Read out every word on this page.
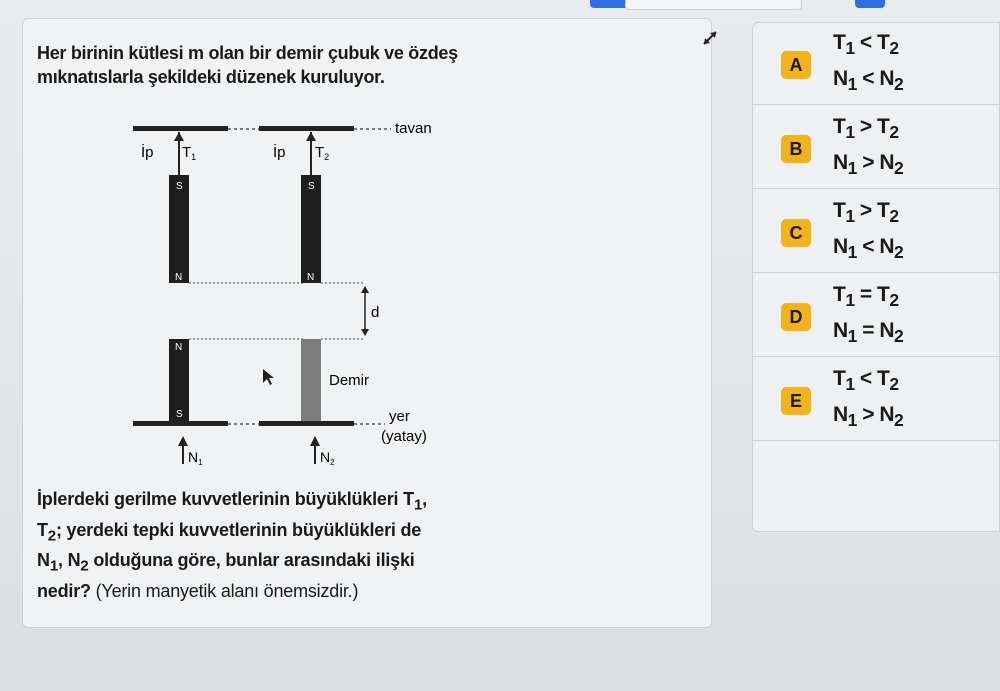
Her birinin kütlesi m olan bir demir çubuk ve özdeş
mıknatıslarla şekildeki düzenek kuruluyor.
tavan
İp $T_1$
S
N
N
S
d
İp $T_2$
S
N
Demir
yer
(yatay)
$N_1$	$N_2$
İplerdeki gerilme kuvvetlerinin büyüklükleri $T_1$,
$T_2$; yerdeki tepki kuvvetlerinin büyüklükleri de
$N_1$, $N_2$ olduğuna göre, bunlar arasındaki ilişki
nedir? (Yerin manyetik alanı önemsizdir.)
A
$T_1 < T_2$
$N_1 < N_2$
B
$T_1 > T_2$
$N_1 > N_2$
C
$T_1 > T_2$
$N_1 < N_2$
D
$T_1 = T_2$
$N_1 = N_2$
E
$T_1 < T_2$
$N_1 > N_2$
